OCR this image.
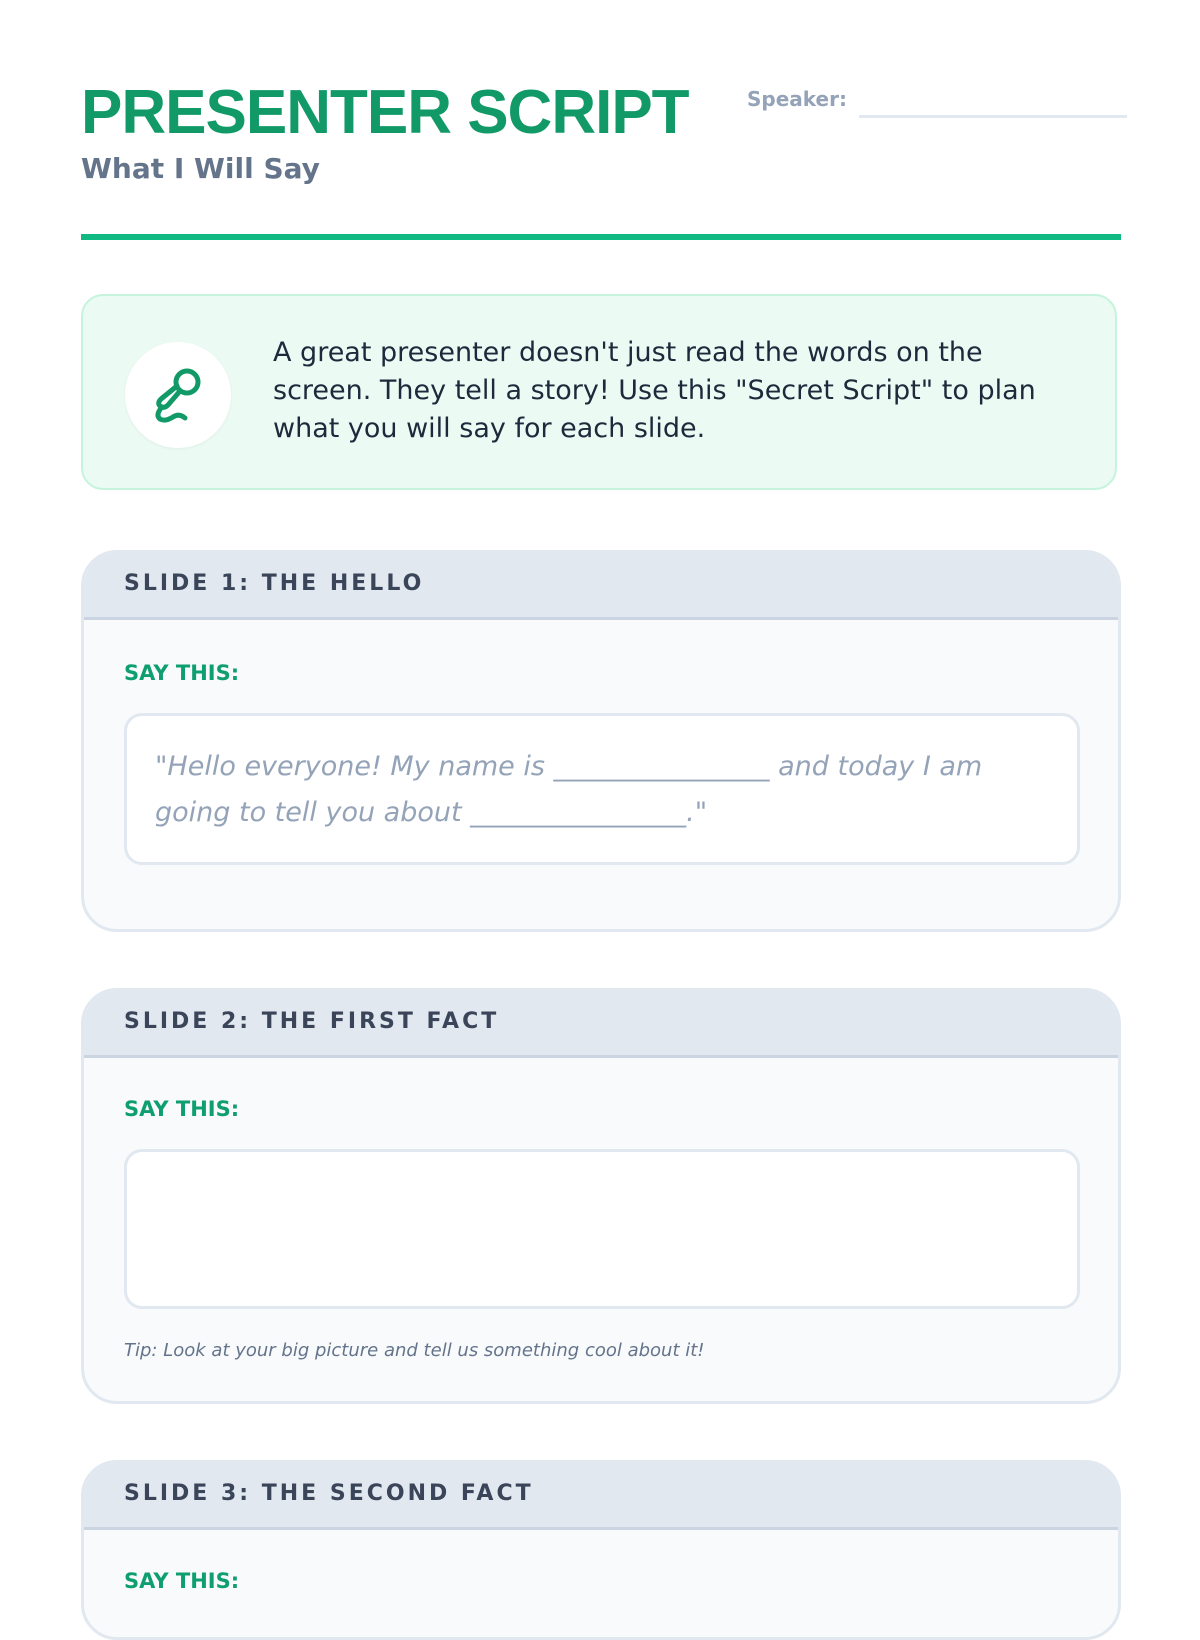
PRESENTER SCRIPT

What I Will Say

Speaker:

A great presenter doesn't just read the words on the screen. They tell a story! Use this "Secret Script" to plan what you will say for each slide.

SLIDE 1: THE HELLO

SAY THIS:

"Hello everyone! My name is ________________ and today I am going to tell you about ________________."

SLIDE 2: THE FIRST FACT

SAY THIS:

Tip: Look at your big picture and tell us something cool about it!

SLIDE 3: THE SECOND FACT

SAY THIS:
